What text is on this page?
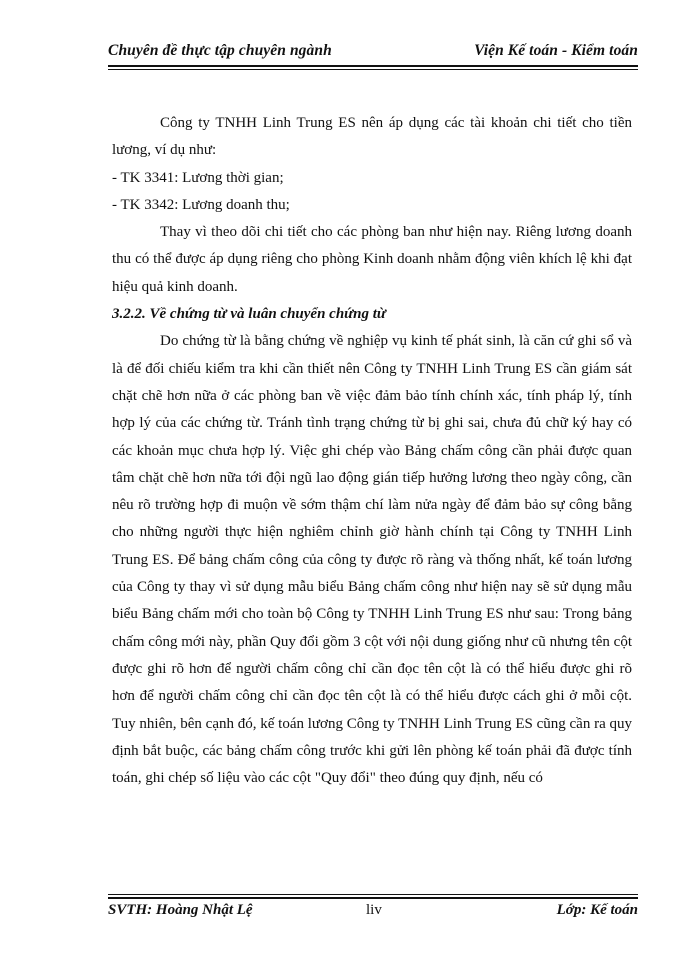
Chuyên đề thực tập chuyên ngành	Viện Kế toán - Kiểm toán

Công ty TNHH Linh Trung ES nên áp dụng các tài khoản chi tiết cho tiền lương, ví dụ như:

- TK 3341: Lương thời gian;

- TK 3342: Lương doanh thu;

Thay vì theo dõi chi tiết cho các phòng ban như hiện nay. Riêng lương doanh thu có thể được áp dụng riêng cho phòng Kinh doanh nhằm động viên khích lệ khi đạt hiệu quả kinh doanh.

3.2.2. Về chứng từ và luân chuyển chứng từ

Do chứng từ là bằng chứng về nghiệp vụ kinh tế phát sinh, là căn cứ ghi sổ và là để đối chiếu kiểm tra khi cần thiết nên Công ty TNHH Linh Trung ES cần giám sát chặt chẽ hơn nữa ở các phòng ban về việc đảm bảo tính chính xác, tính pháp lý, tính hợp lý của các chứng từ. Tránh tình trạng chứng từ bị ghi sai, chưa đủ chữ ký hay có các khoản mục chưa hợp lý. Việc ghi chép vào Bảng chấm công cần phải được quan tâm chặt chẽ hơn nữa tới đội ngũ lao động gián tiếp hưởng lương theo ngày công, cần nêu rõ trường hợp đi muộn về sớm thậm chí làm nửa ngày để đảm bảo sự công bằng cho những người thực hiện nghiêm chỉnh giờ hành chính tại Công ty TNHH Linh Trung ES. Để bảng chấm công của công ty được rõ ràng và thống nhất, kế toán lương của Công ty thay vì sử dụng mẫu biểu Bảng chấm công như hiện nay sẽ sử dụng mẫu biểu Bảng chấm mới cho toàn bộ Công ty TNHH Linh Trung ES như sau: Trong bảng chấm công mới này, phần Quy đổi gồm 3 cột với nội dung giống như cũ nhưng tên cột được ghi rõ hơn để người chấm công chỉ cần đọc tên cột là có thể hiểu được ghi rõ hơn để người chấm công chỉ cần đọc tên cột là có thể hiểu được cách ghi ở mỗi cột. Tuy nhiên, bên cạnh đó, kế toán lương Công ty TNHH Linh Trung ES cũng cần ra quy định bắt buộc, các bảng chấm công trước khi gửi lên phòng kế toán phải đã được tính toán, ghi chép số liệu vào các cột "Quy đổi" theo đúng quy định, nếu có

SVTH: Hoàng Nhật Lệ	liv	Lớp: Kế toán
